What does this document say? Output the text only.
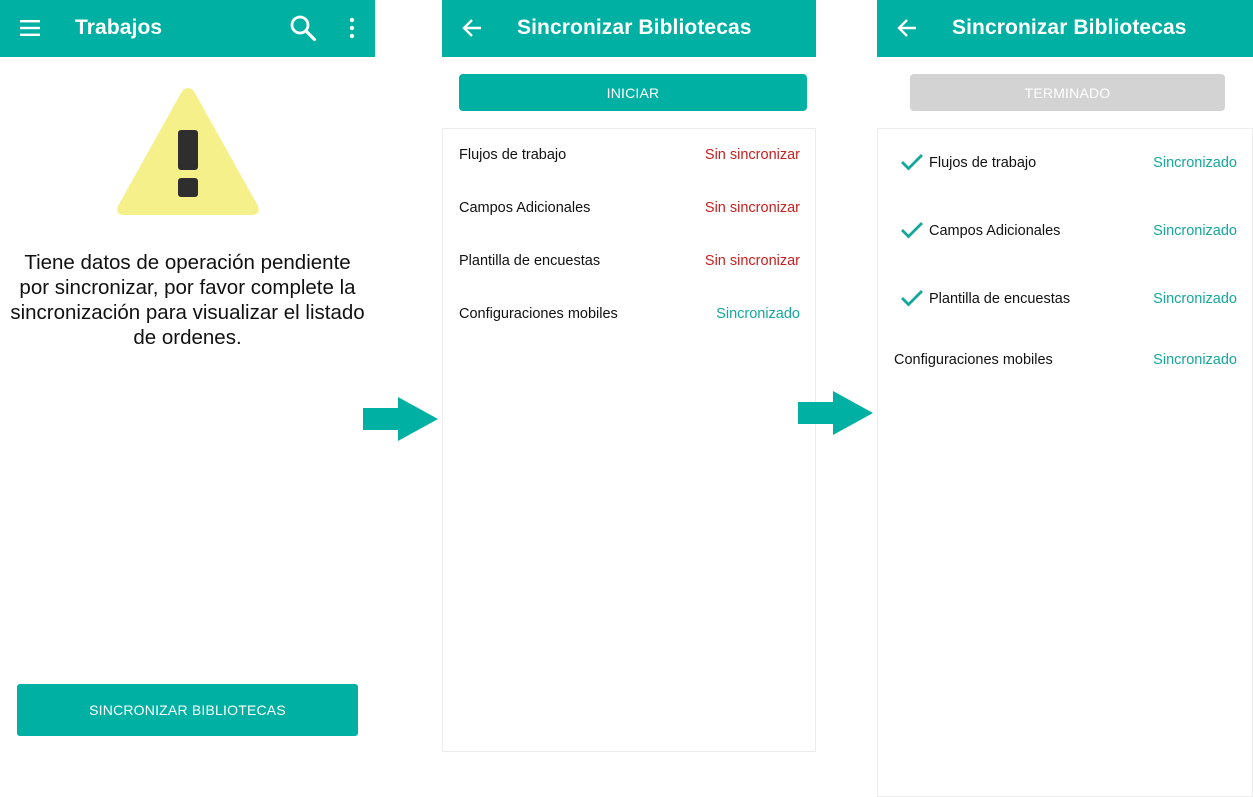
Trabajos
Tiene datos de operación pendiente por sincronizar, por favor complete la sincronización para visualizar el listado de ordenes.
SINCRONIZAR BIBLIOTECAS
Sincronizar Bibliotecas
INICIAR
Flujos de trabajo	Sin sincronizar
Campos Adicionales	Sin sincronizar
Plantilla de encuestas	Sin sincronizar
Configuraciones mobiles	Sincronizado
Sincronizar Bibliotecas
TERMINADO
Flujos de trabajo	Sincronizado
Campos Adicionales	Sincronizado
Plantilla de encuestas	Sincronizado
Configuraciones mobiles	Sincronizado
